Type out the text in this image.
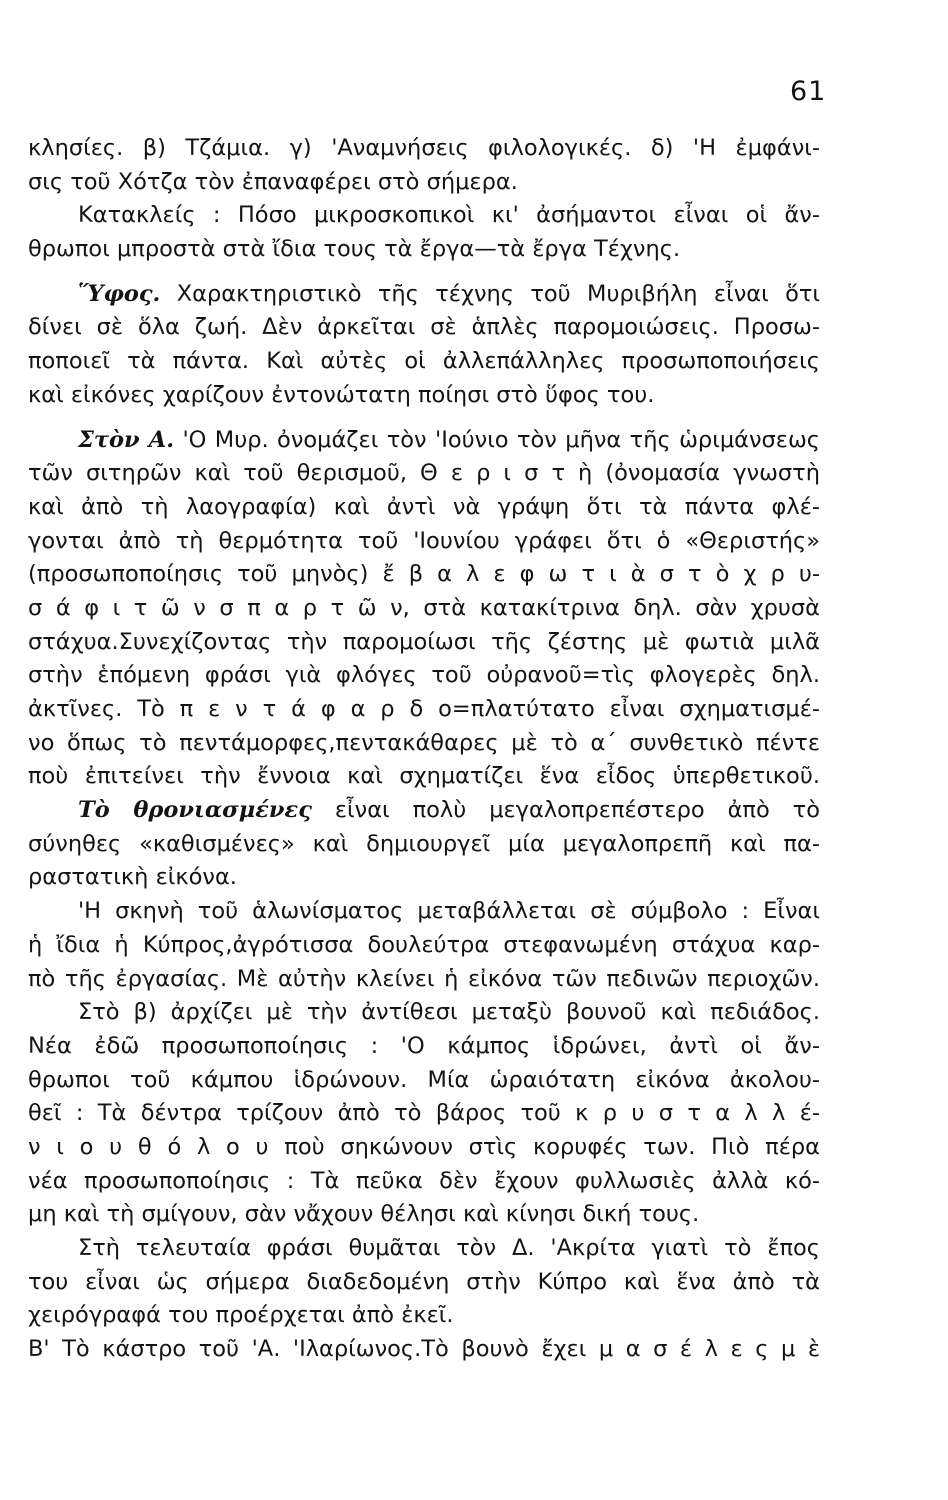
61
κλησίες. β) Τζάμια. γ) 'Αναμνήσεις φιλολογικές. δ) 'Η ἐμφάνι-
σις τοῦ Χότζα τὸν ἐπαναφέρει στὸ σήμερα.
Κατακλείς : Πόσο μικροσκοπικοὶ κι' ἀσήμαντοι εἶναι οἱ ἄν-
θρωποι μπροστὰ στὰ ἴδια τους τὰ ἔργα—τὰ ἔργα Τέχνης.
Ὕφος. Χαρακτηριστικὸ τῆς τέχνης τοῦ Μυριβήλη εἶναι ὅτι
δίνει σὲ ὅλα ζωή. Δὲν ἀρκεῖται σὲ ἁπλὲς παρομοιώσεις. Προσω-
ποποιεῖ τὰ πάντα. Καὶ αὐτὲς οἱ ἀλλεπάλληλες προσωποποιήσεις
καὶ εἰκόνες χαρίζουν ἐντονώτατη ποίησι στὸ ὕφος του.
Στὸν Α. 'Ο Μυρ. ὀνομάζει τὸν 'Ιούνιο τὸν μῆνα τῆς ὡριμάνσεως
τῶν σιτηρῶν καὶ τοῦ θερισμοῦ, Θ ε ρ ι σ τ ὴ (ὀνομασία γνωστὴ
καὶ ἀπὸ τὴ λαογραφία) καὶ ἀντὶ νὰ γράψη ὅτι τὰ πάντα φλέ-
γονται ἀπὸ τὴ θερμότητα τοῦ 'Ιουνίου γράφει ὅτι ὁ «Θεριστής»
(προσωποποίησις τοῦ μηνὸς) ἔ β α λ ε φ ω τ ι ὰ σ τ ὸ χ ρ υ-
σ ά φ ι τ ῶ ν σ π α ρ τ ῶ ν, στὰ κατακίτρινα δηλ. σὰν χρυσὰ
στάχυα.Συνεχίζοντας τὴν παρομοίωσι τῆς ζέστης μὲ φωτιὰ μιλᾶ
στὴν ἑπόμενη φράσι γιὰ φλόγες τοῦ οὐρανοῦ=τὶς φλογερὲς δηλ.
ἀκτῖνες. Τὸ π ε ν τ ά φ α ρ δ ο=πλατύτατο εἶναι σχηματισμέ-
νο ὅπως τὸ πεντάμορφες,πεντακάθαρες μὲ τὸ α΄ συνθετικὸ πέντε
ποὺ ἐπιτείνει τὴν ἔννοια καὶ σχηματίζει ἕνα εἶδος ὑπερθετικοῦ.
Τὸ θρονιασμένες εἶναι πολὺ μεγαλοπρεπέστερο ἀπὸ τὸ
σύνηθες «καθισμένες» καὶ δημιουργεῖ μία μεγαλοπρεπῆ καὶ πα-
ραστατικὴ εἰκόνα.
'Η σκηνὴ τοῦ ἁλωνίσματος μεταβάλλεται σὲ σύμβολο : Εἶναι
ἡ ἴδια ἡ Κύπρος,ἀγρότισσα δουλεύτρα στεφανωμένη στάχυα καρ-
πὸ τῆς ἐργασίας. Μὲ αὐτὴν κλείνει ἡ εἰκόνα τῶν πεδινῶν περιοχῶν.
Στὸ β) ἀρχίζει μὲ τὴν ἀντίθεσι μεταξὺ βουνοῦ καὶ πεδιάδος.
Νέα ἐδῶ προσωποποίησις : 'Ο κάμπος ἱδρώνει, ἀντὶ οἱ ἄν-
θρωποι τοῦ κάμπου ἱδρώνουν. Μία ὡραιότατη εἰκόνα ἀκολου-
θεῖ : Τὰ δέντρα τρίζουν ἀπὸ τὸ βάρος τοῦ κ ρ υ σ τ α λ λ έ-
ν ι ο υ θ ό λ ο υ ποὺ σηκώνουν στὶς κορυφές των. Πιὸ πέρα
νέα προσωποποίησις : Τὰ πεῦκα δὲν ἔχουν φυλλωσιὲς ἀλλὰ κό-
μη καὶ τὴ σμίγουν, σὰν νἄχουν θέλησι καὶ κίνησι δική τους.
Στὴ τελευταία φράσι θυμᾶται τὸν Δ. 'Ακρίτα γιατὶ τὸ ἔπος
του εἶναι ὡς σήμερα διαδεδομένη στὴν Κύπρο καὶ ἕνα ἀπὸ τὰ
χειρόγραφά του προέρχεται ἀπὸ ἐκεῖ.
Β' Τὸ κάστρο τοῦ 'Α. 'Ιλαρίωνος.Τὸ βουνὸ ἔχει μ α σ έ λ ε ς μ ὲ
